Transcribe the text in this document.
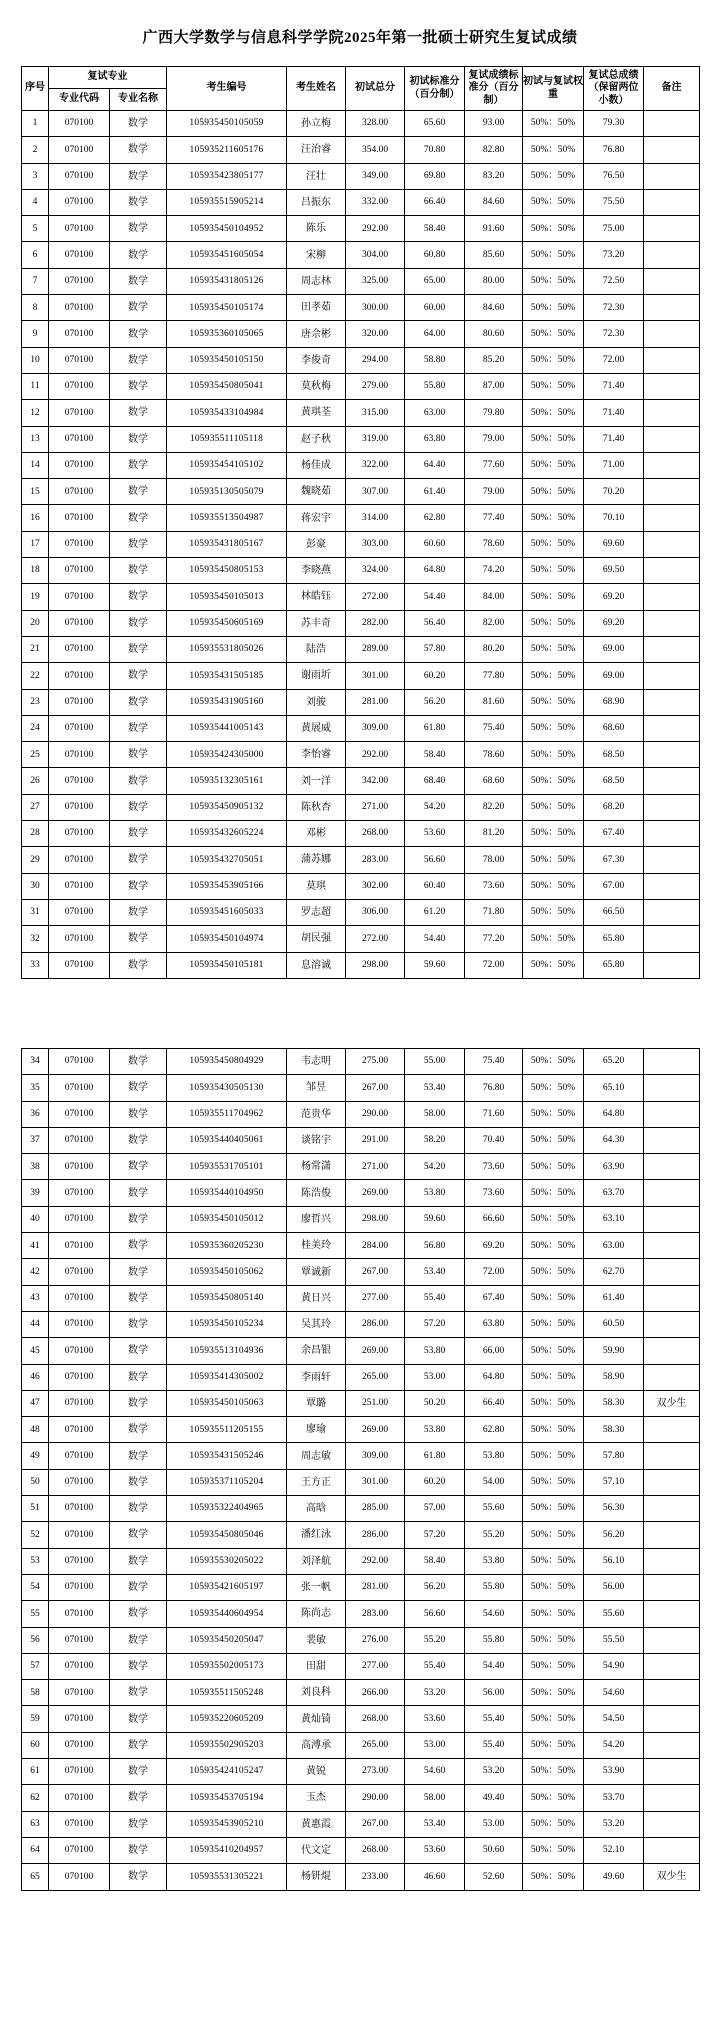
广西大学数学与信息科学学院2025年第一批硕士研究生复试成绩
序号	复试专业		考生编号	考生姓名	初试总分	初试标准分（百分制）	复试成绩标准分（百分制）	初试与复试权重	复试总成绩（保留两位小数）	备注
	专业代码	专业名称								
1	070100	数学	105935450105059	孙立梅	328.00	65.60	93.00	50%：50%	79.30	
2	070100	数学	105935211605176	汪治睿	354.00	70.80	82.80	50%：50%	76.80	
3	070100	数学	105935423805177	汪壮	349.00	69.80	83.20	50%：50%	76.50	
4	070100	数学	105935515905214	吕振东	332.00	66.40	84.60	50%：50%	75.50	
5	070100	数学	105935450104952	陈乐	292.00	58.40	91.60	50%：50%	75.00	
6	070100	数学	105935451605054	宋柳	304.00	60.80	85.60	50%：50%	73.20	
7	070100	数学	105935431805126	周志林	325.00	65.00	80.00	50%：50%	72.50	
8	070100	数学	105935450105174	田孝茹	300.00	60.00	84.60	50%：50%	72.30	
9	070100	数学	105935360105065	唐佘彬	320.00	64.00	80.60	50%：50%	72.30	
10	070100	数学	105935450105150	李俊奇	294.00	58.80	85.20	50%：50%	72.00	
11	070100	数学	105935450805041	莫秋梅	279.00	55.80	87.00	50%：50%	71.40	
12	070100	数学	105935433104984	黄琪荃	315.00	63.00	79.80	50%：50%	71.40	
13	070100	数学	105935511105118	赵子秋	319.00	63.80	79.00	50%：50%	71.40	
14	070100	数学	105935454105102	杨佳成	322.00	64.40	77.60	50%：50%	71.00	
15	070100	数学	105935130505079	魏晓茹	307.00	61.40	79.00	50%：50%	70.20	
16	070100	数学	105935513504987	蒋宏宇	314.00	62.80	77.40	50%：50%	70.10	
17	070100	数学	105935431805167	彭豪	303.00	60.60	78.60	50%：50%	69.60	
18	070100	数学	105935450805153	李晓燕	324.00	64.80	74.20	50%：50%	69.50	
19	070100	数学	105935450105013	林皓钰	272.00	54.40	84.00	50%：50%	69.20	
20	070100	数学	105935450605169	苏丰奇	282.00	56.40	82.00	50%：50%	69.20	
21	070100	数学	105935531805026	陆浩	289.00	57.80	80.20	50%：50%	69.00	
22	070100	数学	105935431505185	谢雨圻	301.00	60.20	77.80	50%：50%	69.00	
23	070100	数学	105935431905160	刘骏	281.00	56.20	81.60	50%：50%	68.90	
24	070100	数学	105935441005143	黄展威	309.00	61.80	75.40	50%：50%	68.60	
25	070100	数学	105935424305000	李怡睿	292.00	58.40	78.60	50%：50%	68.50	
26	070100	数学	105935132305161	刘一洋	342.00	68.40	68.60	50%：50%	68.50	
27	070100	数学	105935450905132	陈秋杏	271.00	54.20	82.20	50%：50%	68.20	
28	070100	数学	105935432605224	邓彬	268.00	53.60	81.20	50%：50%	67.40	
29	070100	数学	105935432705051	蒲苏娜	283.00	56.60	78.00	50%：50%	67.30	
30	070100	数学	105935453905166	莫琪	302.00	60.40	73.60	50%：50%	67.00	
31	070100	数学	105935451605033	罗志超	306.00	61.20	71.80	50%：50%	66.50	
32	070100	数学	105935450104974	胡民强	272.00	54.40	77.20	50%：50%	65.80	
33	070100	数学	105935450105181	息溶诚	298.00	59.60	72.00	50%：50%	65.80	
34	070100	数学	105935450804929	韦志明	275.00	55.00	75.40	50%：50%	65.20	
35	070100	数学	105935430505130	邹昱	267.00	53.40	76.80	50%：50%	65.10	
36	070100	数学	105935511704962	范贵华	290.00	58.00	71.60	50%：50%	64.80	
37	070100	数学	105935440405061	谈铭宇	291.00	58.20	70.40	50%：50%	64.30	
38	070100	数学	105935531705101	杨常潇	271.00	54.20	73.60	50%：50%	63.90	
39	070100	数学	105935440104950	陈浩俊	269.00	53.80	73.60	50%：50%	63.70	
40	070100	数学	105935450105012	廖哲兴	298.00	59.60	66.60	50%：50%	63.10	
41	070100	数学	105935360205230	桂美玲	284.00	56.80	69.20	50%：50%	63.00	
42	070100	数学	105935450105062	覃诚新	267.00	53.40	72.00	50%：50%	62.70	
43	070100	数学	105935450805140	黄日兴	277.00	55.40	67.40	50%：50%	61.40	
44	070100	数学	105935450105234	吴其玲	286.00	57.20	63.80	50%：50%	60.50	
45	070100	数学	105935513104936	余昌银	269.00	53.80	66.00	50%：50%	59.90	
46	070100	数学	105935414305002	李雨轩	265.00	53.00	64.80	50%：50%	58.90	
47	070100	数学	105935450105063	覃璐	251.00	50.20	66.40	50%：50%	58.30	双少生
48	070100	数学	105935511205155	廖瑜	269.00	53.80	62.80	50%：50%	58.30	
49	070100	数学	105935431505246	周志敏	309.00	61.80	53.80	50%：50%	57.80	
50	070100	数学	105935371105204	王方正	301.00	60.20	54.00	50%：50%	57.10	
51	070100	数学	105935322404965	高晗	285.00	57.00	55.60	50%：50%	56.30	
52	070100	数学	105935450805046	潘红泳	286.00	57.20	55.20	50%：50%	56.20	
53	070100	数学	105935530205022	刘泽航	292.00	58.40	53.80	50%：50%	56.10	
54	070100	数学	105935421605197	张一帆	281.00	56.20	55.80	50%：50%	56.00	
55	070100	数学	105935440604954	陈尚志	283.00	56.60	54.60	50%：50%	55.60	
56	070100	数学	105935450205047	裴敏	276.00	55.20	55.80	50%：50%	55.50	
57	070100	数学	105935502005173	田甜	277.00	55.40	54.40	50%：50%	54.90	
58	070100	数学	105935511505248	刘良科	266.00	53.20	56.00	50%：50%	54.60	
59	070100	数学	105935220605209	黄灿锜	268.00	53.60	55.40	50%：50%	54.50	
60	070100	数学	105935502905203	高溥承	265.00	53.00	55.40	50%：50%	54.20	
61	070100	数学	105935424105247	黄锐	273.00	54.60	53.20	50%：50%	53.90	
62	070100	数学	105935453705194	玉杰	290.00	58.00	49.40	50%：50%	53.70	
63	070100	数学	105935453905210	黄惠霞	267.00	53.40	53.00	50%：50%	53.20	
64	070100	数学	105935410204957	代文定	268.00	53.60	50.60	50%：50%	52.10	
65	070100	数学	105935531305221	杨钘焜	233.00	46.60	52.60	50%：50%	49.60	双少生
